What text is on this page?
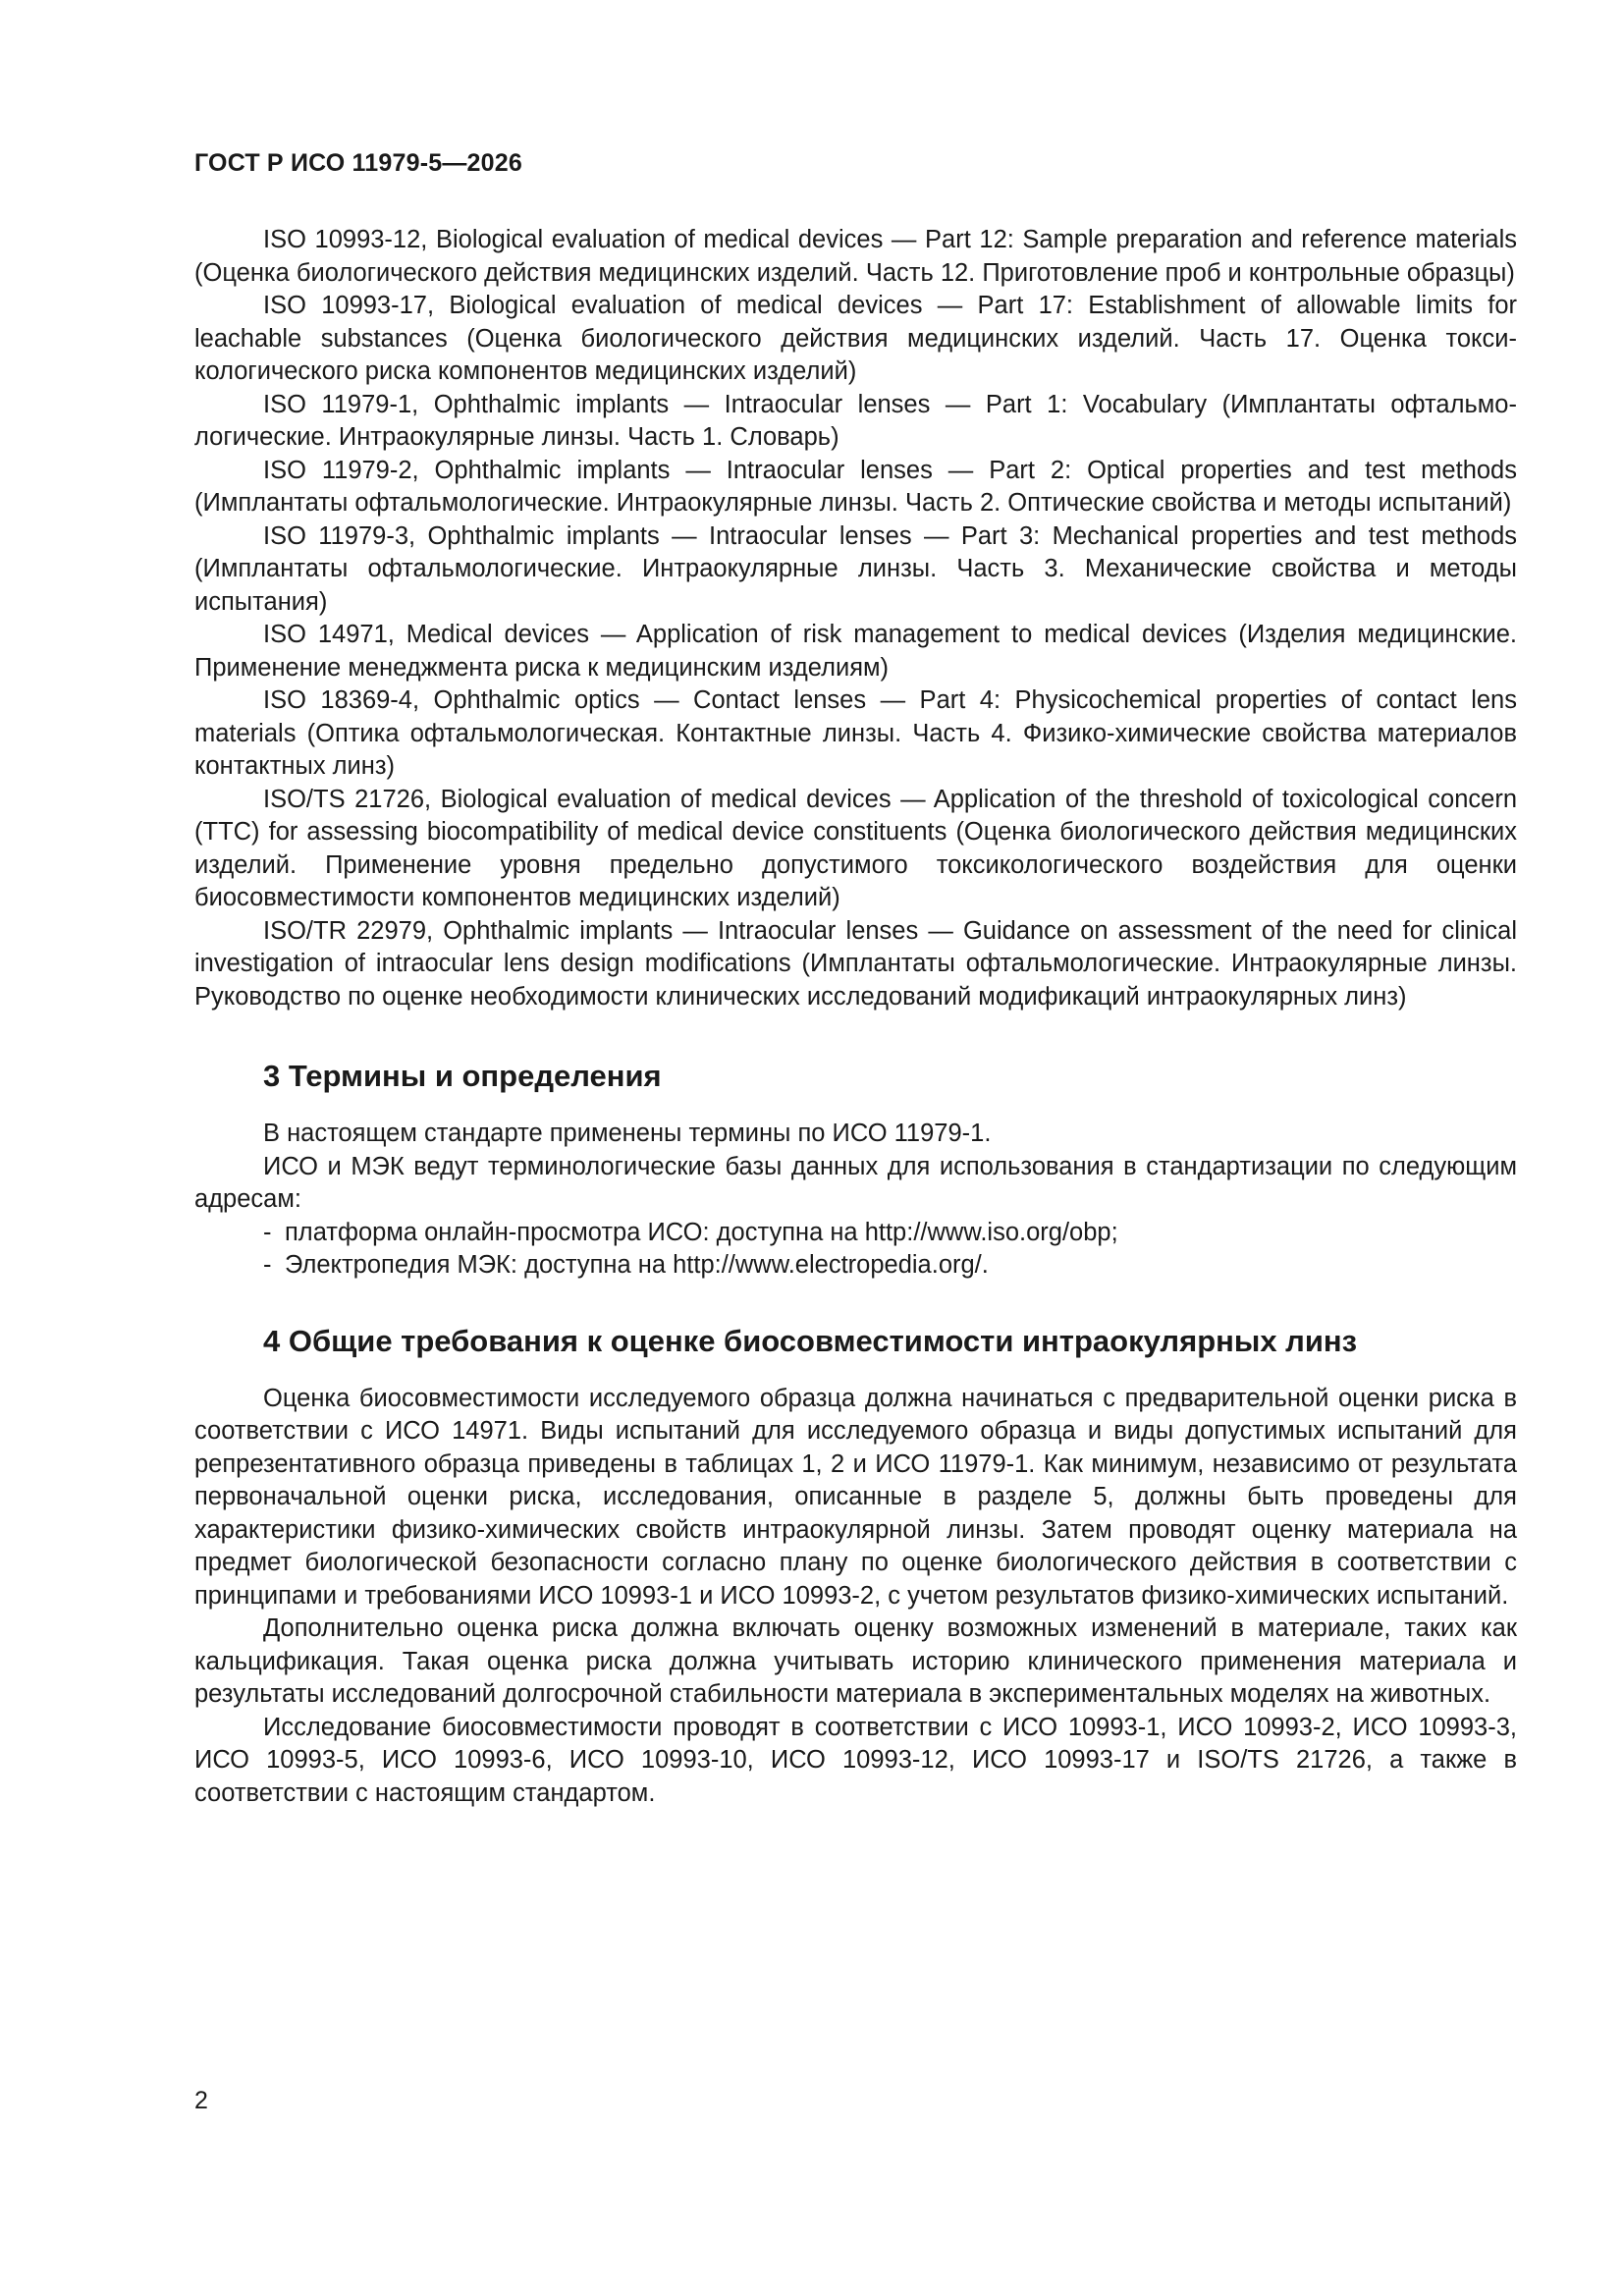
ГОСТ Р ИСО 11979-5—2026

ISO 10993-12, Biological evaluation of medical devices — Part 12: Sample preparation and reference materials (Оценка биологического действия медицинских изделий. Часть 12. Приготовление проб и контрольные образцы)

ISO 10993-17, Biological evaluation of medical devices — Part 17: Establishment of allowable limits for leachable substances (Оценка биологического действия медицинских изделий. Часть 17. Оценка токсикологического риска компонентов медицинских изделий)

ISO 11979-1, Ophthalmic implants — Intraocular lenses — Part 1: Vocabulary (Имплантаты офтальмологические. Интраокулярные линзы. Часть 1. Словарь)

ISO 11979-2, Ophthalmic implants — Intraocular lenses — Part 2: Optical properties and test methods (Имплантаты офтальмологические. Интраокулярные линзы. Часть 2. Оптические свойства и методы испытаний)

ISO 11979-3, Ophthalmic implants — Intraocular lenses — Part 3: Mechanical properties and test methods (Имплантаты офтальмологические. Интраокулярные линзы. Часть 3. Механические свойства и методы испытания)

ISO 14971, Medical devices — Application of risk management to medical devices (Изделия медицинские. Применение менеджмента риска к медицинским изделиям)

ISO 18369-4, Ophthalmic optics — Contact lenses — Part 4: Physicochemical properties of contact lens materials (Оптика офтальмологическая. Контактные линзы. Часть 4. Физико-химические свойства материалов контактных линз)

ISO/TS 21726, Biological evaluation of medical devices — Application of the threshold of toxicological concern (TTC) for assessing biocompatibility of medical device constituents (Оценка биологического действия медицинских изделий. Применение уровня предельно допустимого токсикологического воздействия для оценки биосовместимости компонентов медицинских изделий)

ISO/TR 22979, Ophthalmic implants — Intraocular lenses — Guidance on assessment of the need for clinical investigation of intraocular lens design modifications (Имплантаты офтальмологические. Интраокулярные линзы. Руководство по оценке необходимости клинических исследований модификаций интраокулярных линз)

3 Термины и определения

В настоящем стандарте применены термины по ИСО 11979-1.

ИСО и МЭК ведут терминологические базы данных для использования в стандартизации по следующим адресам:

- платформа онлайн-просмотра ИСО: доступна на http://www.iso.org/obp;
- Электропедия МЭК: доступна на http://www.electropedia.org/.
4 Общие требования к оценке биосовместимости интраокулярных линз

Оценка биосовместимости исследуемого образца должна начинаться с предварительной оценки риска в соответствии с ИСО 14971. Виды испытаний для исследуемого образца и виды допустимых испытаний для репрезентативного образца приведены в таблицах 1, 2 и ИСО 11979-1. Как минимум, независимо от результата первоначальной оценки риска, исследования, описанные в разделе 5, должны быть проведены для характеристики физико-химических свойств интраокулярной линзы. Затем проводят оценку материала на предмет биологической безопасности согласно плану по оценке биологического действия в соответствии с принципами и требованиями ИСО 10993-1 и ИСО 10993-2, с учетом результатов физико-химических испытаний.

Дополнительно оценка риска должна включать оценку возможных изменений в материале, таких как кальцификация. Такая оценка риска должна учитывать историю клинического применения материала и результаты исследований долгосрочной стабильности материала в экспериментальных моделях на животных.

Исследование биосовместимости проводят в соответствии с ИСО 10993-1, ИСО 10993-2, ИСО 10993-3, ИСО 10993-5, ИСО 10993-6, ИСО 10993-10, ИСО 10993-12, ИСО 10993-17 и ISO/TS 21726, а также в соответствии с настоящим стандартом.

2
